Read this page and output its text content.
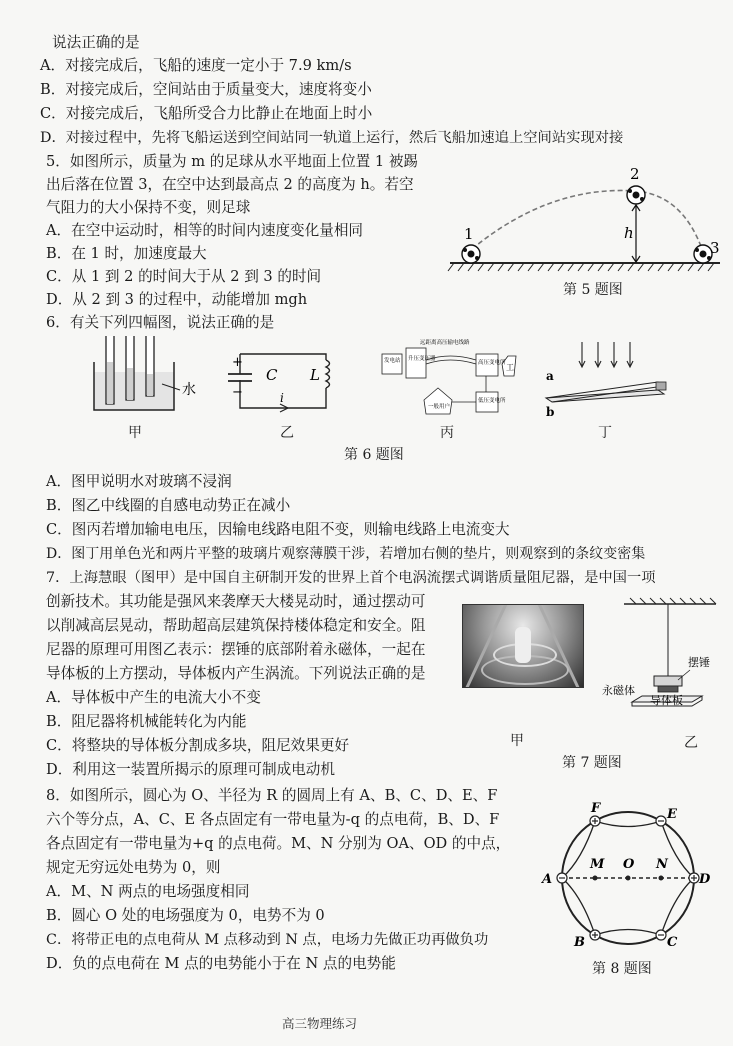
说法正确的是
A．对接完成后，飞船的速度一定小于 7.9 km/s
B．对接完成后，空间站由于质量变大，速度将变小
C．对接完成后，飞船所受合力比静止在地面上时小
D．对接过程中，先将飞船运送到空间站同一轨道上运行，然后飞船加速追上空间站实现对接
5．如图所示，质量为 m 的足球从水平地面上位置 1 被踢
出后落在位置 3，在空中达到最高点 2 的高度为 h。若空
气阻力的大小保持不变，则足球
A．在空中运动时，相等的时间内速度变化量相同
B．在 1 时，加速度最大
C．从 1 到 2 的时间大于从 2 到 3 的时间
D．从 2 到 3 的过程中，动能增加 mgh
1
2
3
h
第 5 题图
6．有关下列四幅图，说法正确的是
水
甲
+
−
C L
i
乙
发电站 升压变压器
远距离高压输电线路
高压变电所 工
一般用户
低压变电所
丙
a
b
丁
第 6 题图
A．图甲说明水对玻璃不浸润
B．图乙中线圈的自感电动势正在减小
C．图丙若增加输电电压，因输电线路电阻不变，则输电线路上电流变大
D．图丁用单色光和两片平整的玻璃片观察薄膜干涉，若增加右侧的垫片，则观察到的条纹变密集
7．上海慧眼（图甲）是中国自主研制开发的世界上首个电涡流摆式调谐质量阻尼器，是中国一项
创新技术。其功能是强风来袭摩天大楼晃动时，通过摆动可
以削减高层晃动，帮助超高层建筑保持楼体稳定和安全。阻
尼器的原理可用图乙表示：摆锤的底部附着永磁体，一起在
导体板的上方摆动，导体板内产生涡流。下列说法正确的是
A．导体板中产生的电流大小不变
B．阻尼器将机械能转化为内能
C．将整块的导体板分割成多块，阻尼效果更好
D．利用这一装置所揭示的原理可制成电动机
甲
摆锤
永磁体
导体板
乙
第 7 题图
8．如图所示，圆心为 O、半径为 R 的圆周上有 A、B、C、D、E、F
六个等分点，A、C、E 各点固定有一带电量为-q 的点电荷，B、D、F
各点固定有一带电量为+q 的点电荷。M、N 分别为 OA、OD 的中点，
规定无穷远处电势为 0，则
A．M、N 两点的电场强度相同
B．圆心 O 处的电场强度为 0，电势不为 0
C．将带正电的点电荷从 M 点移动到 N 点，电场力先做正功再做负功
D．负的点电荷在 M 点的电势能小于在 N 点的电势能
F	E
A	D
B	C
M O N
第 8 题图
高三物理练习
